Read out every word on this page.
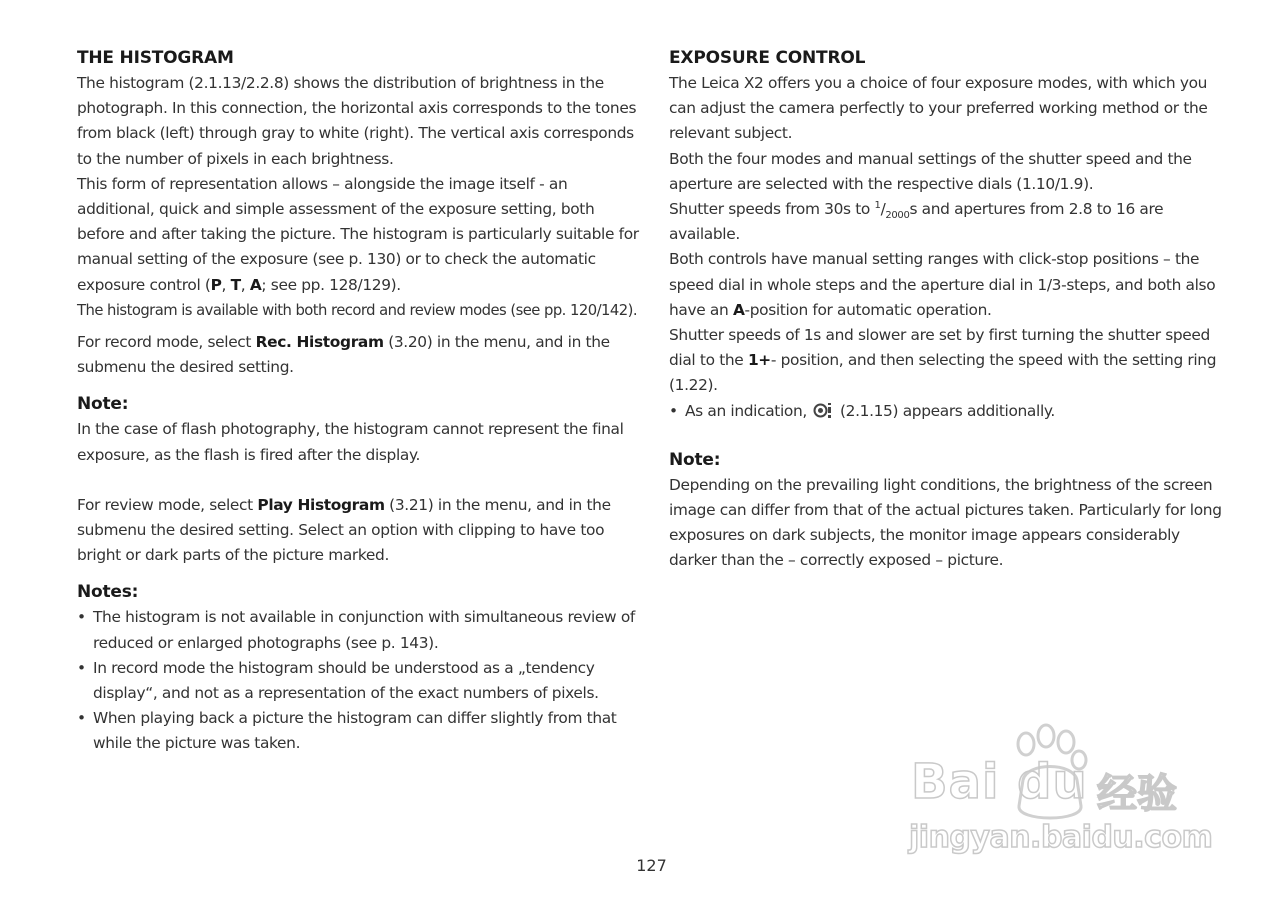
THE HISTOGRAM

The histogram (2.1.13/2.2.8) shows the distribution of brightness in the photograph. In this connection, the horizontal axis corresponds to the tones from black (left) through gray to white (right). The vertical axis corresponds to the number of pixels in each brightness.

This form of representation allows – alongside the image itself - an additional, quick and simple assessment of the exposure setting, both before and after taking the picture. The histogram is particularly suitable for manual setting of the exposure (see p. 130) or to check the automatic exposure control (P, T, A; see pp. 128/129).

The histogram is available with both record and review modes (see pp. 120/142).

For record mode, select Rec. Histogram (3.20) in the menu, and in the submenu the desired setting.

Note:

In the case of flash photography, the histogram cannot represent the final exposure, as the flash is fired after the display.

For review mode, select Play Histogram (3.21) in the menu, and in the submenu the desired setting. Select an option with clipping to have too bright or dark parts of the picture marked.

Notes:
• The histogram is not available in conjunction with simultaneous review of reduced or enlarged photographs (see p. 143).
• In record mode the histogram should be understood as a „tendency display“, and not as a representation of the exact numbers of pixels.
• When playing back a picture the histogram can differ slightly from that while the picture was taken.
EXPOSURE CONTROL

The Leica X2 offers you a choice of four exposure modes, with which you can adjust the camera perfectly to your preferred working method or the relevant subject.

Both the four modes and manual settings of the shutter speed and the aperture are selected with the respective dials (1.10/1.9).

Shutter speeds from 30s to $^1/_{2000}s$ and apertures from 2.8 to 16 are available.

Both controls have manual setting ranges with click-stop positions – the speed dial in whole steps and the aperture dial in 1/3-steps, and both also have an A-position for automatic operation.

Shutter speeds of 1s and slower are set by first turning the shutter speed dial to the 1+- position, and then selecting the speed with the setting ring (1.22).

• As an indication,  (2.1.15) appears additionally.
Note:

Depending on the prevailing light conditions, the brightness of the screen image can differ from that of the actual pictures taken. Particularly for long exposures on dark subjects, the monitor image appears considerably darker than the – correctly exposed – picture.

127
Bai du 经验
jingyan.baidu.com
